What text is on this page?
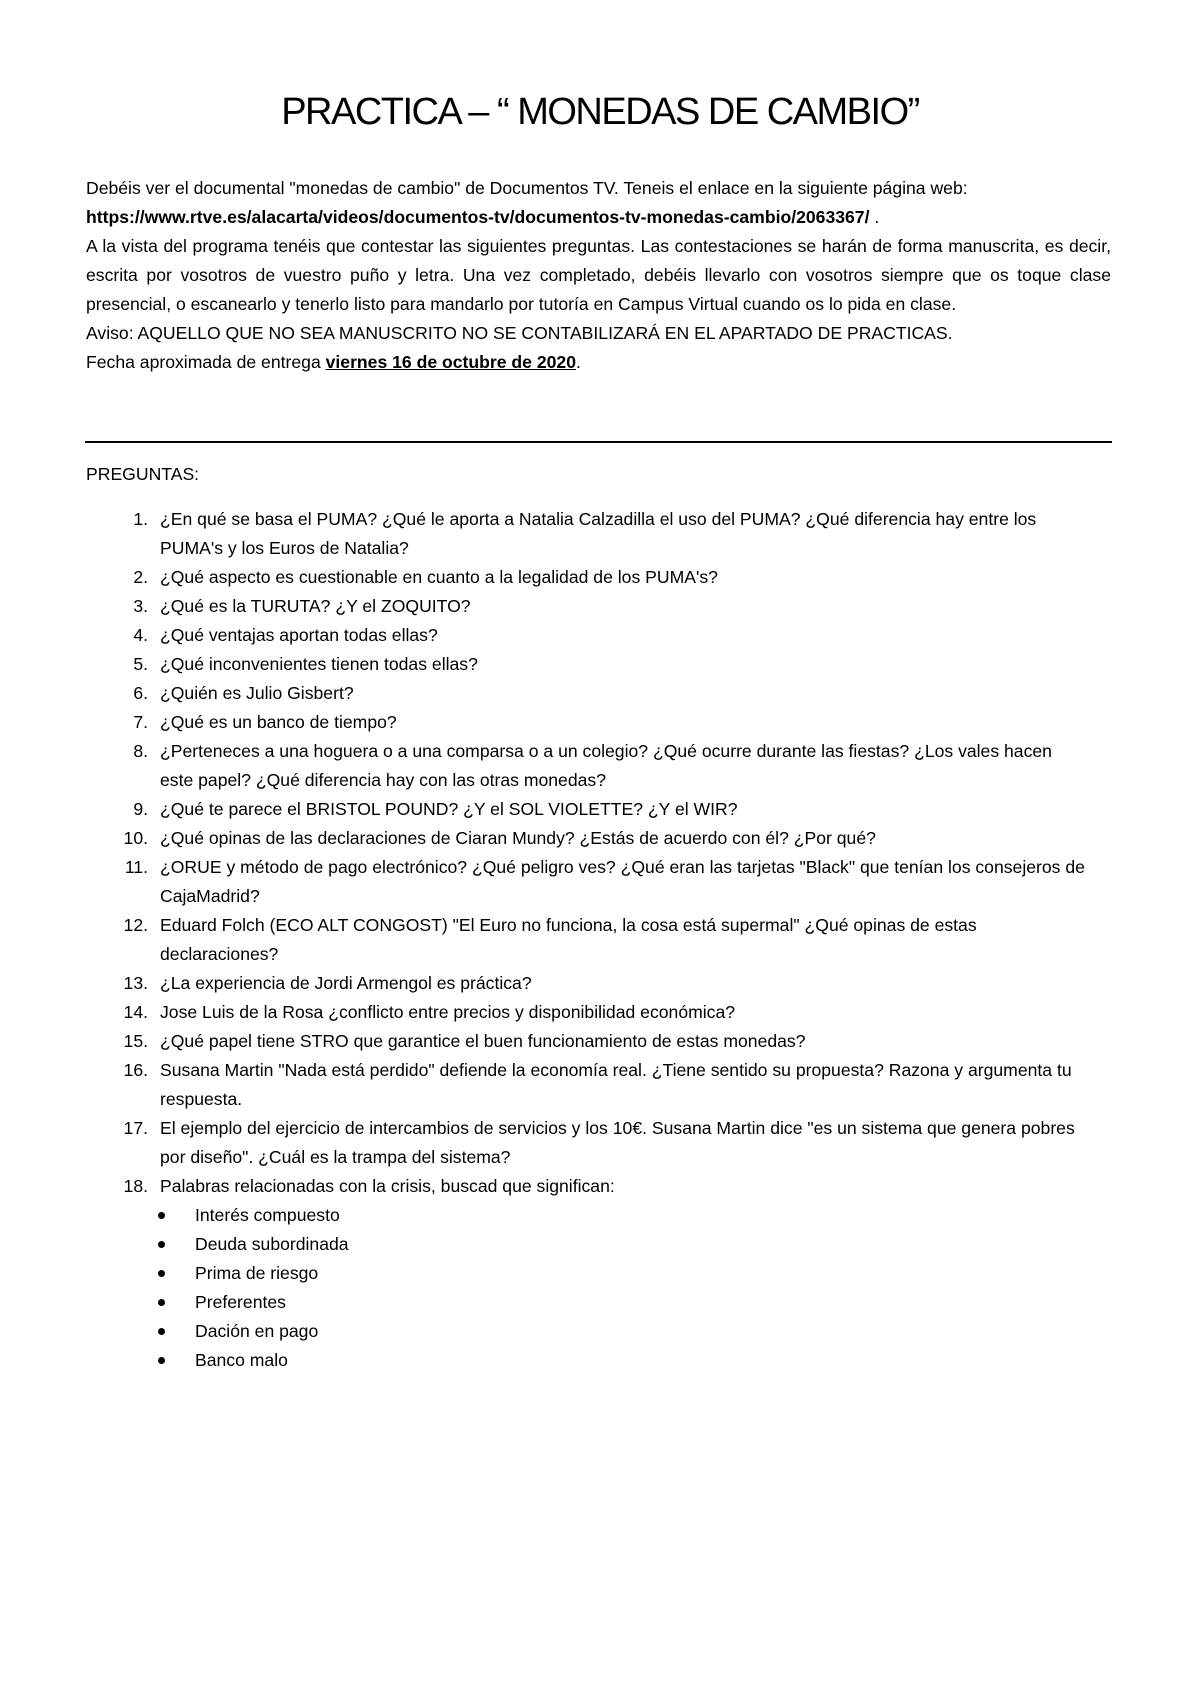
PRACTICA – “ MONEDAS DE CAMBIO”

Debéis ver el documental "monedas de cambio" de Documentos TV. Teneis el enlace en la siguiente página web:

https://www.rtve.es/alacarta/videos/documentos-tv/documentos-tv-monedas-cambio/2063367/ .

A la vista del programa tenéis que contestar las siguientes preguntas. Las contestaciones se harán de forma manuscrita, es decir, escrita por vosotros de vuestro puño y letra. Una vez completado, debéis llevarlo con vosotros siempre que os toque clase presencial, o escanearlo y tenerlo listo para mandarlo por tutoría en Campus Virtual cuando os lo pida en clase.

Aviso: AQUELLO QUE NO SEA MANUSCRITO NO SE CONTABILIZARÁ EN EL APARTADO DE PRACTICAS.

Fecha aproximada de entrega viernes 16 de octubre de 2020.

PREGUNTAS:
1. ¿En qué se basa el PUMA? ¿Qué le aporta a Natalia Calzadilla el uso del PUMA? ¿Qué diferencia hay entre los PUMA's y los Euros de Natalia?
2. ¿Qué aspecto es cuestionable en cuanto a la legalidad de los PUMA's?
3. ¿Qué es la TURUTA? ¿Y el ZOQUITO?
4. ¿Qué ventajas aportan todas ellas?
5. ¿Qué inconvenientes tienen todas ellas?
6. ¿Quién es Julio Gisbert?
7. ¿Qué es un banco de tiempo?
8. ¿Perteneces a una hoguera o a una comparsa o a un colegio? ¿Qué ocurre durante las fiestas? ¿Los vales hacen este papel? ¿Qué diferencia hay con las otras monedas?
9. ¿Qué te parece el BRISTOL POUND? ¿Y el SOL VIOLETTE? ¿Y el WIR?
10. ¿Qué opinas de las declaraciones de Ciaran Mundy? ¿Estás de acuerdo con él? ¿Por qué?
11. ¿ORUE y método de pago electrónico? ¿Qué peligro ves? ¿Qué eran las tarjetas "Black" que tenían los consejeros de CajaMadrid?
12. Eduard Folch (ECO ALT CONGOST) "El Euro no funciona, la cosa está supermal" ¿Qué opinas de estas declaraciones?
13. ¿La experiencia de Jordi Armengol es práctica?
14. Jose Luis de la Rosa ¿conflicto entre precios y disponibilidad económica?
15. ¿Qué papel tiene STRO que garantice el buen funcionamiento de estas monedas?
16. Susana Martin "Nada está perdido" defiende la economía real. ¿Tiene sentido su propuesta? Razona y argumenta tu respuesta.
17. El ejemplo del ejercicio de intercambios de servicios y los 10€. Susana Martin dice "es un sistema que genera pobres por diseño". ¿Cuál es la trampa del sistema?
18. Palabras relacionadas con la crisis, buscad que significan:
Interés compuesto
Deuda subordinada
Prima de riesgo
Preferentes
Dación en pago
Banco malo
